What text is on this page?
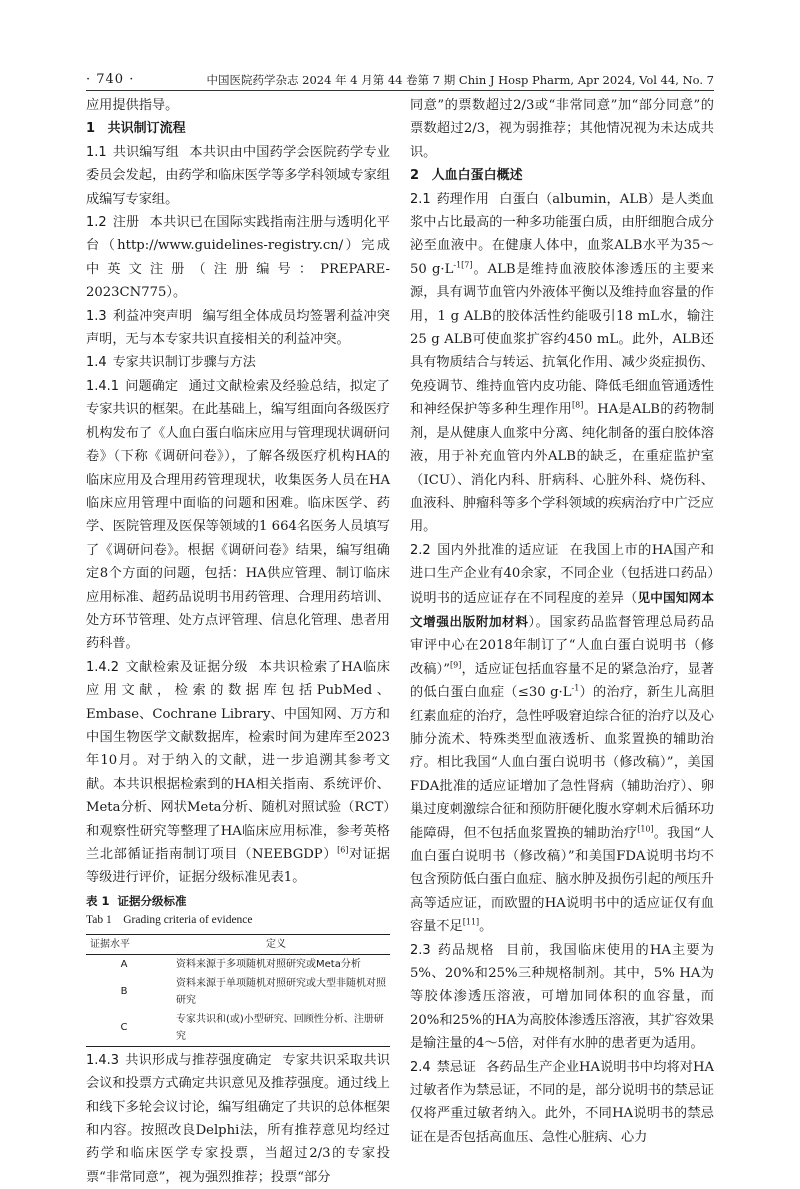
· 740 ·	中国医院药学杂志 2024 年 4 月第 44 卷第 7 期 Chin J Hosp Pharm, Apr 2024, Vol 44, No. 7

应用提供指导。

1 共识制订流程

1.1 共识编写组 本共识由中国药学会医院药学专业委员会发起，由药学和临床医学等多学科领域专家组成编写专家组。

1.2 注册 本共识已在国际实践指南注册与透明化平台（http://www.guidelines-registry.cn/）完成中英文注册（注册编号：PREPARE-2023CN775）。

1.3 利益冲突声明 编写组全体成员均签署利益冲突声明，无与本专家共识直接相关的利益冲突。

1.4 专家共识制订步骤与方法

1.4.1 问题确定 通过文献检索及经验总结，拟定了专家共识的框架。在此基础上，编写组面向各级医疗机构发布了《人血白蛋白临床应用与管理现状调研问卷》（下称《调研问卷》），了解各级医疗机构HA的临床应用及合理用药管理现状，收集医务人员在HA临床应用管理中面临的问题和困难。临床医学、药学、医院管理及医保等领域的1 664名医务人员填写了《调研问卷》。根据《调研问卷》结果，编写组确定8个方面的问题，包括：HA供应管理、制订临床应用标准、超药品说明书用药管理、合理用药培训、处方环节管理、处方点评管理、信息化管理、患者用药科普。

1.4.2 文献检索及证据分级 本共识检索了HA临床应用文献，检索的数据库包括PubMed、Embase、Cochrane Library、中国知网、万方和中国生物医学文献数据库，检索时间为建库至2023年10月。对于纳入的文献，进一步追溯其参考文献。本共识根据检索到的HA相关指南、系统评价、Meta分析、网状Meta分析、随机对照试验（RCT）和观察性研究等整理了HA临床应用标准，参考英格兰北部循证指南制订项目（NEEBGDP）[6]对证据等级进行评价，证据分级标准见表1。

表 1 证据分级标准
Tab 1　Grading criteria of evidence
证据水平	定义
A	资料来源于多项随机对照研究或Meta分析
B	资料来源于单项随机对照研究或大型非随机对照研究
C	专家共识和(或)小型研究、回顾性分析、注册研究

1.4.3 共识形成与推荐强度确定 专家共识采取共识会议和投票方式确定共识意见及推荐强度。通过线上和线下多轮会议讨论，编写组确定了共识的总体框架和内容。按照改良Delphi法，所有推荐意见均经过药学和临床医学专家投票，当超过2/3的专家投票“非常同意”，视为强烈推荐；投票“部分

同意”的票数超过2/3或“非常同意”加“部分同意”的票数超过2/3，视为弱推荐；其他情况视为未达成共识。

2 人血白蛋白概述

2.1 药理作用 白蛋白（albumin，ALB）是人类血浆中占比最高的一种多功能蛋白质，由肝细胞合成分泌至血液中。在健康人体中，血浆ALB水平为35～50 $g\cdot L^{-1[7]}$。ALB是维持血液胶体渗透压的主要来源，具有调节血管内外液体平衡以及维持血容量的作用，1 g ALB的胶体活性约能吸引18 mL水，输注25 g ALB可使血浆扩容约450 mL。此外，ALB还具有物质结合与转运、抗氧化作用、减少炎症损伤、免疫调节、维持血管内皮功能、降低毛细血管通透性和神经保护等多种生理作用[8]。HA是ALB的药物制剂，是从健康人血浆中分离、纯化制备的蛋白胶体溶液，用于补充血管内外ALB的缺乏，在重症监护室（ICU）、消化内科、肝病科、心脏外科、烧伤科、血液科、肿瘤科等多个学科领域的疾病治疗中广泛应用。

2.2 国内外批准的适应证 在我国上市的HA国产和进口生产企业有40余家，不同企业（包括进口药品）说明书的适应证存在不同程度的差异（见中国知网本文增强出版附加材料）。国家药品监督管理总局药品审评中心在2018年制订了“人血白蛋白说明书（修改稿）”[9]，适应证包括血容量不足的紧急治疗，显著的低白蛋白血症（≤30 $g\cdot L^{-1}$）的治疗，新生儿高胆红素血症的治疗，急性呼吸窘迫综合征的治疗以及心肺分流术、特殊类型血液透析、血浆置换的辅助治疗。相比我国“人血白蛋白说明书（修改稿）”，美国FDA批准的适应证增加了急性肾病（辅助治疗）、卵巢过度刺激综合征和预防肝硬化腹水穿刺术后循环功能障碍，但不包括血浆置换的辅助治疗[10]。我国“人血白蛋白说明书（修改稿）”和美国FDA说明书均不包含预防低白蛋白血症、脑水肿及损伤引起的颅压升高等适应证，而欧盟的HA说明书中的适应证仅有血容量不足[11]。

2.3 药品规格 目前，我国临床使用的HA主要为5%、20%和25%三种规格制剂。其中，5% HA为等胶体渗透压溶液，可增加同体积的血容量，而20%和25%的HA为高胶体渗透压溶液，其扩容效果是输注量的4～5倍，对伴有水肿的患者更为适用。

2.4 禁忌证 各药品生产企业HA说明书中均将对HA过敏者作为禁忌证，不同的是，部分说明书的禁忌证仅将严重过敏者纳入。此外，不同HA说明书的禁忌证在是否包括高血压、急性心脏病、心力
